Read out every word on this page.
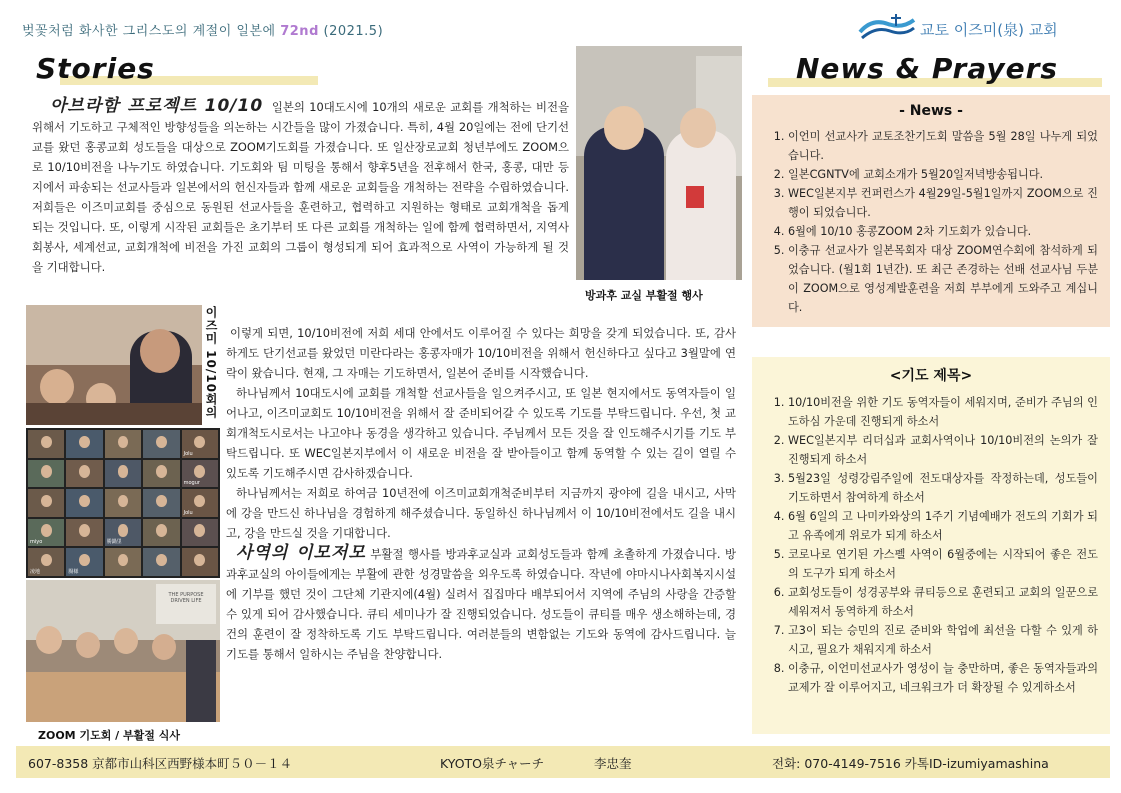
벚꽃처럼 화사한 그리스도의 계절이 일본에 72nd (2021.5)	교토 이즈미(泉) 교회
Stories
아브라함 프로젝트 10/10 일본의 10대도시에 10개의 새로운 교회를 개척하는 비전을 위해서 기도하고 구체적인 방향성들을 의논하는 시간들을 많이 가졌습니다. 특히, 4월 20일에는 전에 단기선교를 왔던 홍콩교회 성도들을 대상으로 ZOOM기도회를 가졌습니다. 또 일산장로교회 청년부에도 ZOOM으로 10/10비전을 나누기도 하였습니다. 기도회와 팀 미팅을 통해서 향후5년을 전후해서 한국, 홍콩, 대만 등지에서 파송되는 선교사들과 일본에서의 헌신자들과 함께 새로운 교회들을 개척하는 전략을 수립하였습니다. 저희들은 이즈미교회를 중심으로 동원된 선교사들을 훈련하고, 협력하고 지원하는 형태로 교회개척을 돕게 되는 것입니다. 또, 이렇게 시작된 교회들은 초기부터 또 다른 교회를 개척하는 일에 함께 협력하면서, 지역사회봉사, 세계선교, 교회개척에 비전을 가진 교회의 그룹이 형성되게 되어 효과적으로 사역이 가능하게 될 것을 기대합니다.
방과후 교실 부활절 행사
이즈미 10/10회의
Jolu
mogur
Jolu
miyo	勝鍋里
凌地	腸様
THE PURPOSE DRIVEN LIFE
ZOOM 기도회 / 부활절 식사
이렇게 되면, 10/10비전에 저희 세대 안에서도 이루어질 수 있다는 희망을 갖게 되었습니다. 또, 감사하게도 단기선교를 왔었던 미란다라는 홍콩자매가 10/10비전을 위해서 헌신하다고 싶다고 3월말에 연락이 왔습니다. 현재, 그 자매는 기도하면서, 일본어 준비를 시작했습니다.
하나님께서 10대도시에 교회를 개척할 선교사들을 일으켜주시고, 또 일본 현지에서도 동역자들이 일어나고, 이즈미교회도 10/10비전을 위해서 잘 준비되어갈 수 있도록 기도를 부탁드립니다. 우선, 첫 교회개척도시로서는 나고야나 동경을 생각하고 있습니다. 주님께서 모든 것을 잘 인도해주시기를 기도 부탁드립니다. 또 WEC일본지부에서 이 새로운 비전을 잘 받아들이고 함께 동역할 수 있는 길이 열릴 수 있도록 기도해주시면 감사하겠습니다.
하나님께서는 저희로 하여금 10년전에 이즈미교회개척준비부터 지금까지 광야에 길을 내시고, 사막에 강을 만드신 하나님을 경험하게 해주셨습니다. 동일하신 하나님께서 이 10/10비전에서도 길을 내시고, 강을 만드실 것을 기대합니다.
사역의 이모저모 부활절 행사를 방과후교실과 교회성도들과 함께 초촐하게 가졌습니다. 방과후교실의 아이들에게는 부활에 관한 성경말씀을 외우도록 하였습니다. 작년에 야마시나사회복지시설에 기부를 했던 것이 그단체 기관지에(4월) 실려서 집집마다 배부되어서 지역에 주님의 사랑을 간증할 수 있게 되어 감사했습니다. 큐티 세미나가 잘 진행되었습니다. 성도들이 큐티를 매우 생소해하는데, 경건의 훈련이 잘 정착하도록 기도 부탁드립니다. 여러분들의 변함없는 기도와 동역에 감사드립니다. 늘 기도를 통해서 일하시는 주님을 찬양합니다.
News & Prayers
- News -
1. 이언미 선교사가 교토조찬기도회 말씀을 5월 28일 나누게 되었습니다.
2. 일본CGNTV에 교회소개가 5월20일저녁방송됩니다.
3. WEC일본지부 컨퍼런스가 4월29일-5월1일까지 ZOOM으로 진행이 되었습니다.
4. 6월에 10/10 홍콩ZOOM 2차 기도회가 있습니다.
5. 이충규 선교사가 일본목회자 대상 ZOOM연수회에 참석하게 되었습니다. (월1회 1년간). 또 최근 존경하는 선배 선교사님 두분이 ZOOM으로 영성계발훈련을 저희 부부에게 도와주고 계십니다.
<기도 제목>
1. 10/10비전을 위한 기도 동역자들이 세워지며, 준비가 주님의 인도하심 가운데 진행되게 하소서
2. WEC일본지부 리더십과 교회사역이나 10/10비전의 논의가 잘 진행되게 하소서
3. 5월23일 성령강림주일에 전도대상자를 작정하는데, 성도들이 기도하면서 참여하게 하소서
4. 6월 6일의 고 나미카와상의 1주기 기념예배가 전도의 기회가 되고 유족에게 위로가 되게 하소서
5. 코로나로 연기된 가스펠 사역이 6월중에는 시작되어 좋은 전도의 도구가 되게 하소서
6. 교회성도들이 성경공부와 큐티등으로 훈련되고 교회의 일꾼으로 세워져서 동역하게 하소서
7. 고3이 되는 승민의 진로 준비와 학업에 최선을 다할 수 있게 하시고, 필요가 채워지게 하소서
8. 이충규, 이언미선교사가 영성이 늘 충만하며, 좋은 동역자들과의 교제가 잘 이루어지고, 네크워크가 더 확장될 수 있게하소서
607-8358 京都市山科区西野様本町５０－１４	KYOTO泉チャーチ	李忠奎	전화: 070-4149-7516 카톡ID-izumiyamashina
